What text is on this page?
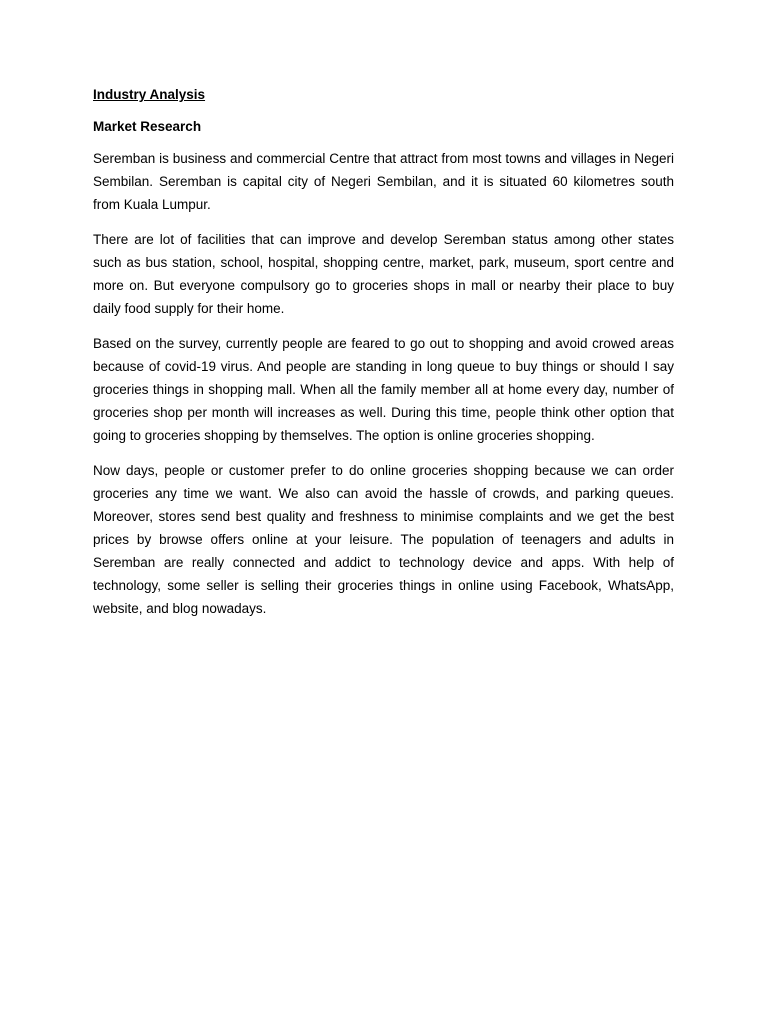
Industry Analysis

Market Research

Seremban is business and commercial Centre that attract from most towns and villages in Negeri Sembilan. Seremban is capital city of Negeri Sembilan, and it is situated 60 kilometres south from Kuala Lumpur.

There are lot of facilities that can improve and develop Seremban status among other states such as bus station, school, hospital, shopping centre, market, park, museum, sport centre and more on. But everyone compulsory go to groceries shops in mall or nearby their place to buy daily food supply for their home.

Based on the survey, currently people are feared to go out to shopping and avoid crowed areas because of covid-19 virus. And people are standing in long queue to buy things or should I say groceries things in shopping mall. When all the family member all at home every day, number of groceries shop per month will increases as well. During this time, people think other option that going to groceries shopping by themselves. The option is online groceries shopping.

Now days, people or customer prefer to do online groceries shopping because we can order groceries any time we want. We also can avoid the hassle of crowds, and parking queues. Moreover, stores send best quality and freshness to minimise complaints and we get the best prices by browse offers online at your leisure. The population of teenagers and adults in Seremban are really connected and addict to technology device and apps. With help of technology, some seller is selling their groceries things in online using Facebook, WhatsApp, website, and blog nowadays.
